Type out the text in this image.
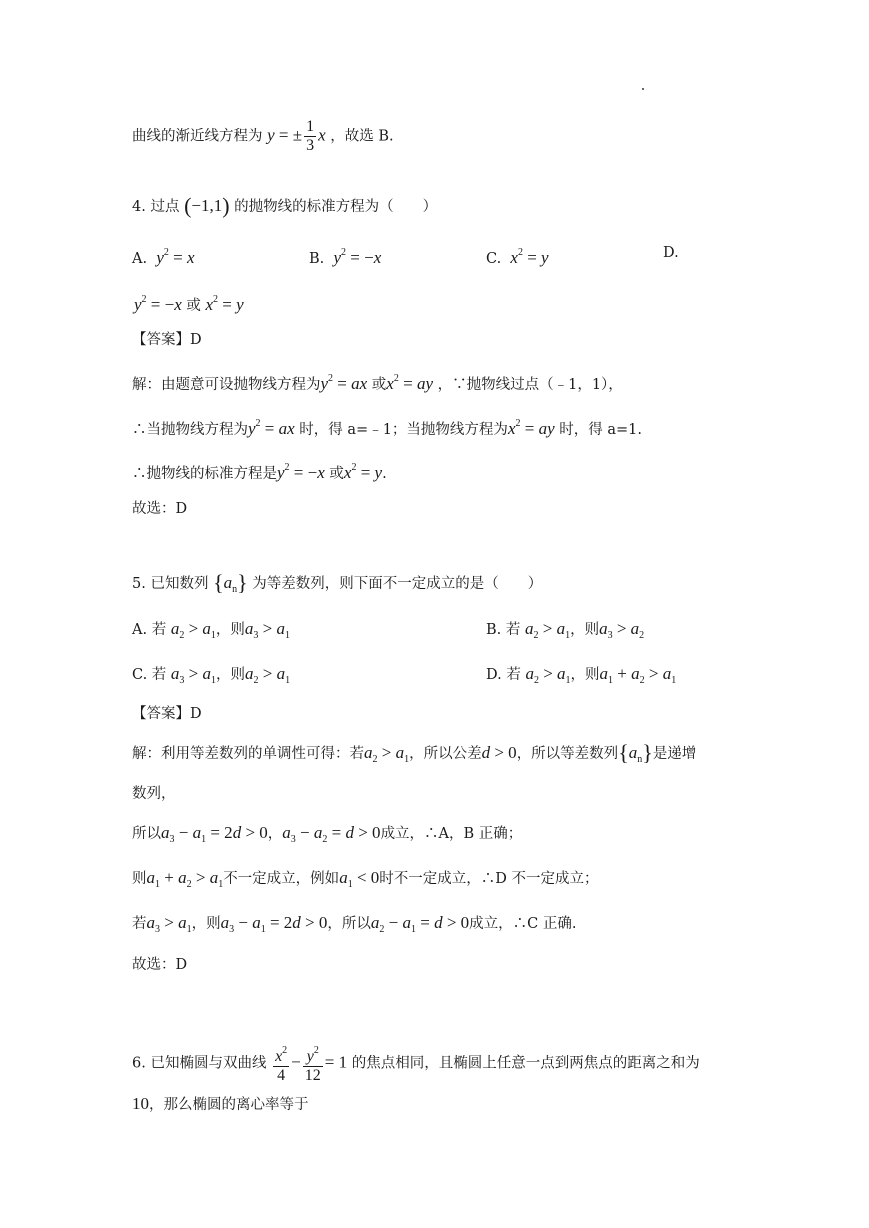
曲线的渐近线方程为 y = ± $\frac{1}{3}$ x ，故选 B.
4. 过点 (−1,1) 的抛物线的标准方程为（　　）
A. $y^2 = x$	B. $y^2 = -x$	C. $x^2 = y$	D.
$y^2 = -x$ 或 $x^2 = y$
【答案】D
解：由题意可设抛物线方程为$y^2$ = ax 或$x^2$ = ay ，∵抛物线过点（﹣1，1），
∴当抛物线方程为$y^2$ = ax 时，得 a=﹣1；当抛物线方程为$x^2$ = ay 时，得 a=1.
∴抛物线的标准方程是$y^2 = -x$ 或$x^2 = y$.
故选：D
5. 已知数列 $\{a_n\}$ 为等差数列，则下面不一定成立的是（　　）
A. 若 $a_2 > a_1$，则$a_3 > a_1$	B. 若 $a_2 > a_1$，则$a_3 > a_2$
C. 若 $a_3 > a_1$，则$a_2 > a_1$	D. 若 $a_2 > a_1$，则$a_1 + a_2 > a_1$
【答案】D
解：利用等差数列的单调性可得：若$a_2 > a_1$，所以公差d > 0，所以等差数列$\{a_n\}$是递增
数列，
所以$a_3 - a_1 = 2d > 0$，$a_3 - a_2 = d > 0$成立，∴A，B 正确；
则$a_1 + a_2 > a_1$不一定成立，例如$a_1 < 0$时不一定成立，∴D 不一定成立；
若$a_3 > a_1$，则$a_3 - a_1 = 2d > 0$，所以$a_2 - a_1 = d > 0$成立，∴C 正确.
故选：D
6. 已知椭圆与双曲线 $\frac{x^2}{4} - \frac{y^2}{12} = 1$ 的焦点相同，且椭圆上任意一点到两焦点的距离之和为
10，那么椭圆的离心率等于
